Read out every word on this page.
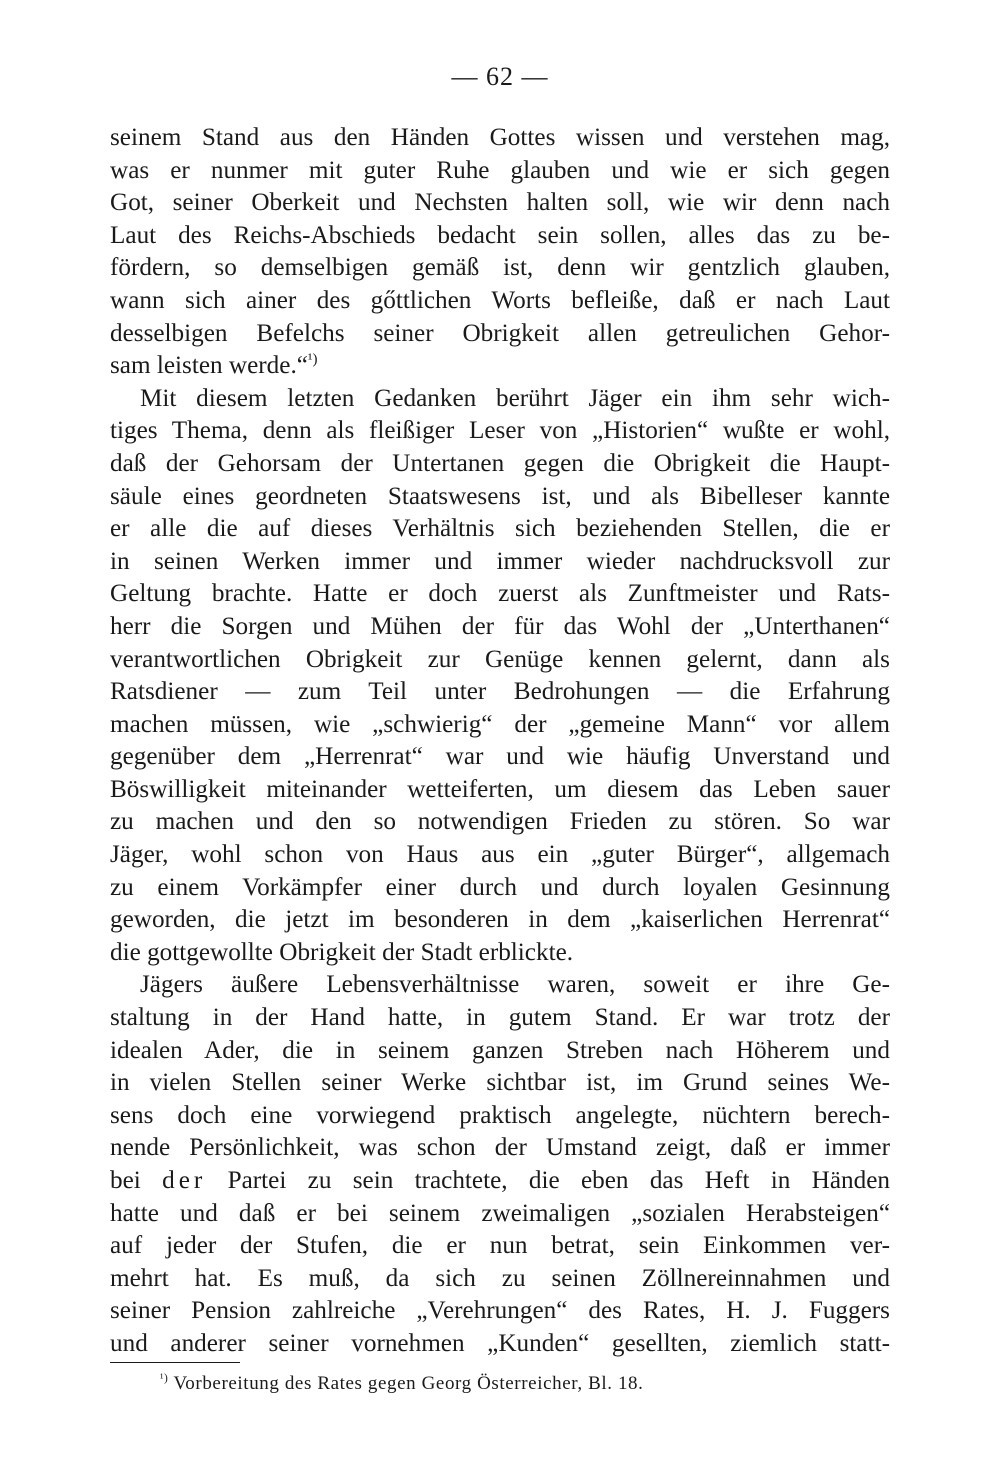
— 62 —
seinem Stand aus den Händen Gottes wissen und verstehen mag,
was er nunmer mit guter Ruhe glauben und wie er sich gegen
Got, seiner Oberkeit und Nechsten halten soll, wie wir denn nach
Laut des Reichs-Abschieds bedacht sein sollen, alles das zu be-
fördern, so demselbigen gemäß ist, denn wir gentzlich glauben,
wann sich ainer des gőttlichen Worts befleiße, daß er nach Laut
desselbigen Befelchs seiner Obrigkeit allen getreulichen Gehor-
sam leisten werde.“$^{^1)}$
Mit diesem letzten Gedanken berührt Jäger ein ihm sehr wich-
tiges Thema, denn als fleißiger Leser von „Historien“ wußte er wohl,
daß der Gehorsam der Untertanen gegen die Obrigkeit die Haupt-
säule eines geordneten Staatswesens ist, und als Bibelleser kannte
er alle die auf dieses Verhältnis sich beziehenden Stellen, die er
in seinen Werken immer und immer wieder nachdrucksvoll zur
Geltung brachte. Hatte er doch zuerst als Zunftmeister und Rats-
herr die Sorgen und Mühen der für das Wohl der „Unterthanen“
verantwortlichen Obrigkeit zur Genüge kennen gelernt, dann als
Ratsdiener — zum Teil unter Bedrohungen — die Erfahrung
machen müssen, wie „schwierig“ der „gemeine Mann“ vor allem
gegenüber dem „Herrenrat“ war und wie häufig Unverstand und
Böswilligkeit miteinander wetteiferten, um diesem das Leben sauer
zu machen und den so notwendigen Frieden zu stören. So war
Jäger, wohl schon von Haus aus ein „guter Bürger“, allgemach
zu einem Vorkämpfer einer durch und durch loyalen Gesinnung
geworden, die jetzt im besonderen in dem „kaiserlichen Herrenrat“
die gottgewollte Obrigkeit der Stadt erblickte.
Jägers äußere Lebensverhältnisse waren, soweit er ihre Ge-
staltung in der Hand hatte, in gutem Stand. Er war trotz der
idealen Ader, die in seinem ganzen Streben nach Höherem und
in vielen Stellen seiner Werke sichtbar ist, im Grund seines We-
sens doch eine vorwiegend praktisch angelegte, nüchtern berech-
nende Persönlichkeit, was schon der Umstand zeigt, daß er immer
bei der Partei zu sein trachtete, die eben das Heft in Händen
hatte und daß er bei seinem zweimaligen „sozialen Herabsteigen“
auf jeder der Stufen, die er nun betrat, sein Einkommen ver-
mehrt hat. Es muß, da sich zu seinen Zöllnereinnahmen und
seiner Pension zahlreiche „Verehrungen“ des Rates, H. J. Fuggers
und anderer seiner vornehmen „Kunden“ gesellten, ziemlich statt-
$^{^1)}$ Vorbereitung des Rates gegen Georg Österreicher, Bl. 18.
